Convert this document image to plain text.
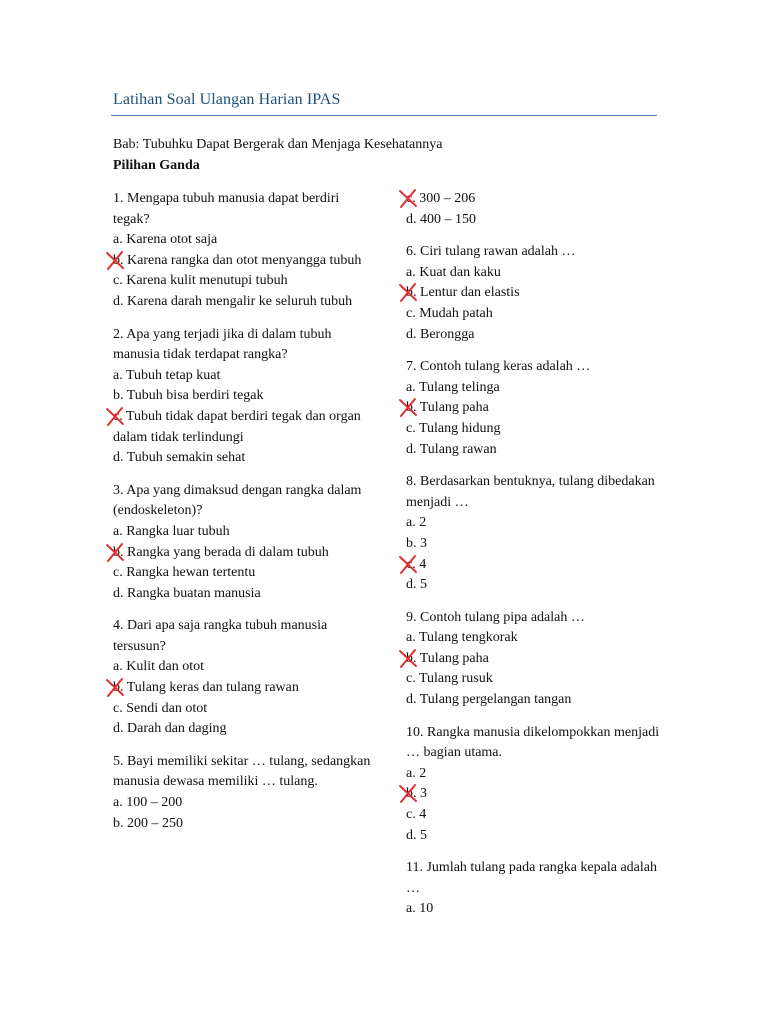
Latihan Soal Ulangan Harian IPAS
Bab: Tubuhku Dapat Bergerak dan Menjaga Kesehatannya
Pilihan Ganda

1. Mengapa tubuh manusia dapat berdiri tegak?

a. Karena otot saja

b. Karena rangka dan otot menyangga tubuh

c. Karena kulit menutupi tubuh

d. Karena darah mengalir ke seluruh tubuh

2. Apa yang terjadi jika di dalam tubuh manusia tidak terdapat rangka?

a. Tubuh tetap kuat

b. Tubuh bisa berdiri tegak

c. Tubuh tidak dapat berdiri tegak dan organ dalam tidak terlindungi

d. Tubuh semakin sehat

3. Apa yang dimaksud dengan rangka dalam (endoskeleton)?

a. Rangka luar tubuh

b. Rangka yang berada di dalam tubuh

c. Rangka hewan tertentu

d. Rangka buatan manusia

4. Dari apa saja rangka tubuh manusia tersusun?

a. Kulit dan otot

b. Tulang keras dan tulang rawan

c. Sendi dan otot

d. Darah dan daging

5. Bayi memiliki sekitar … tulang, sedangkan manusia dewasa memiliki … tulang.

a. 100 – 200

b. 200 – 250

c. 300 – 206

d. 400 – 150

6. Ciri tulang rawan adalah …

a. Kuat dan kaku

b. Lentur dan elastis

c. Mudah patah

d. Berongga

7. Contoh tulang keras adalah …

a. Tulang telinga

b. Tulang paha

c. Tulang hidung

d. Tulang rawan

8. Berdasarkan bentuknya, tulang dibedakan menjadi …

a. 2

b. 3

c. 4

d. 5

9. Contoh tulang pipa adalah …

a. Tulang tengkorak

b. Tulang paha

c. Tulang rusuk

d. Tulang pergelangan tangan

10. Rangka manusia dikelompokkan menjadi … bagian utama.

a. 2

b. 3

c. 4

d. 5

11. Jumlah tulang pada rangka kepala adalah …

a. 10
